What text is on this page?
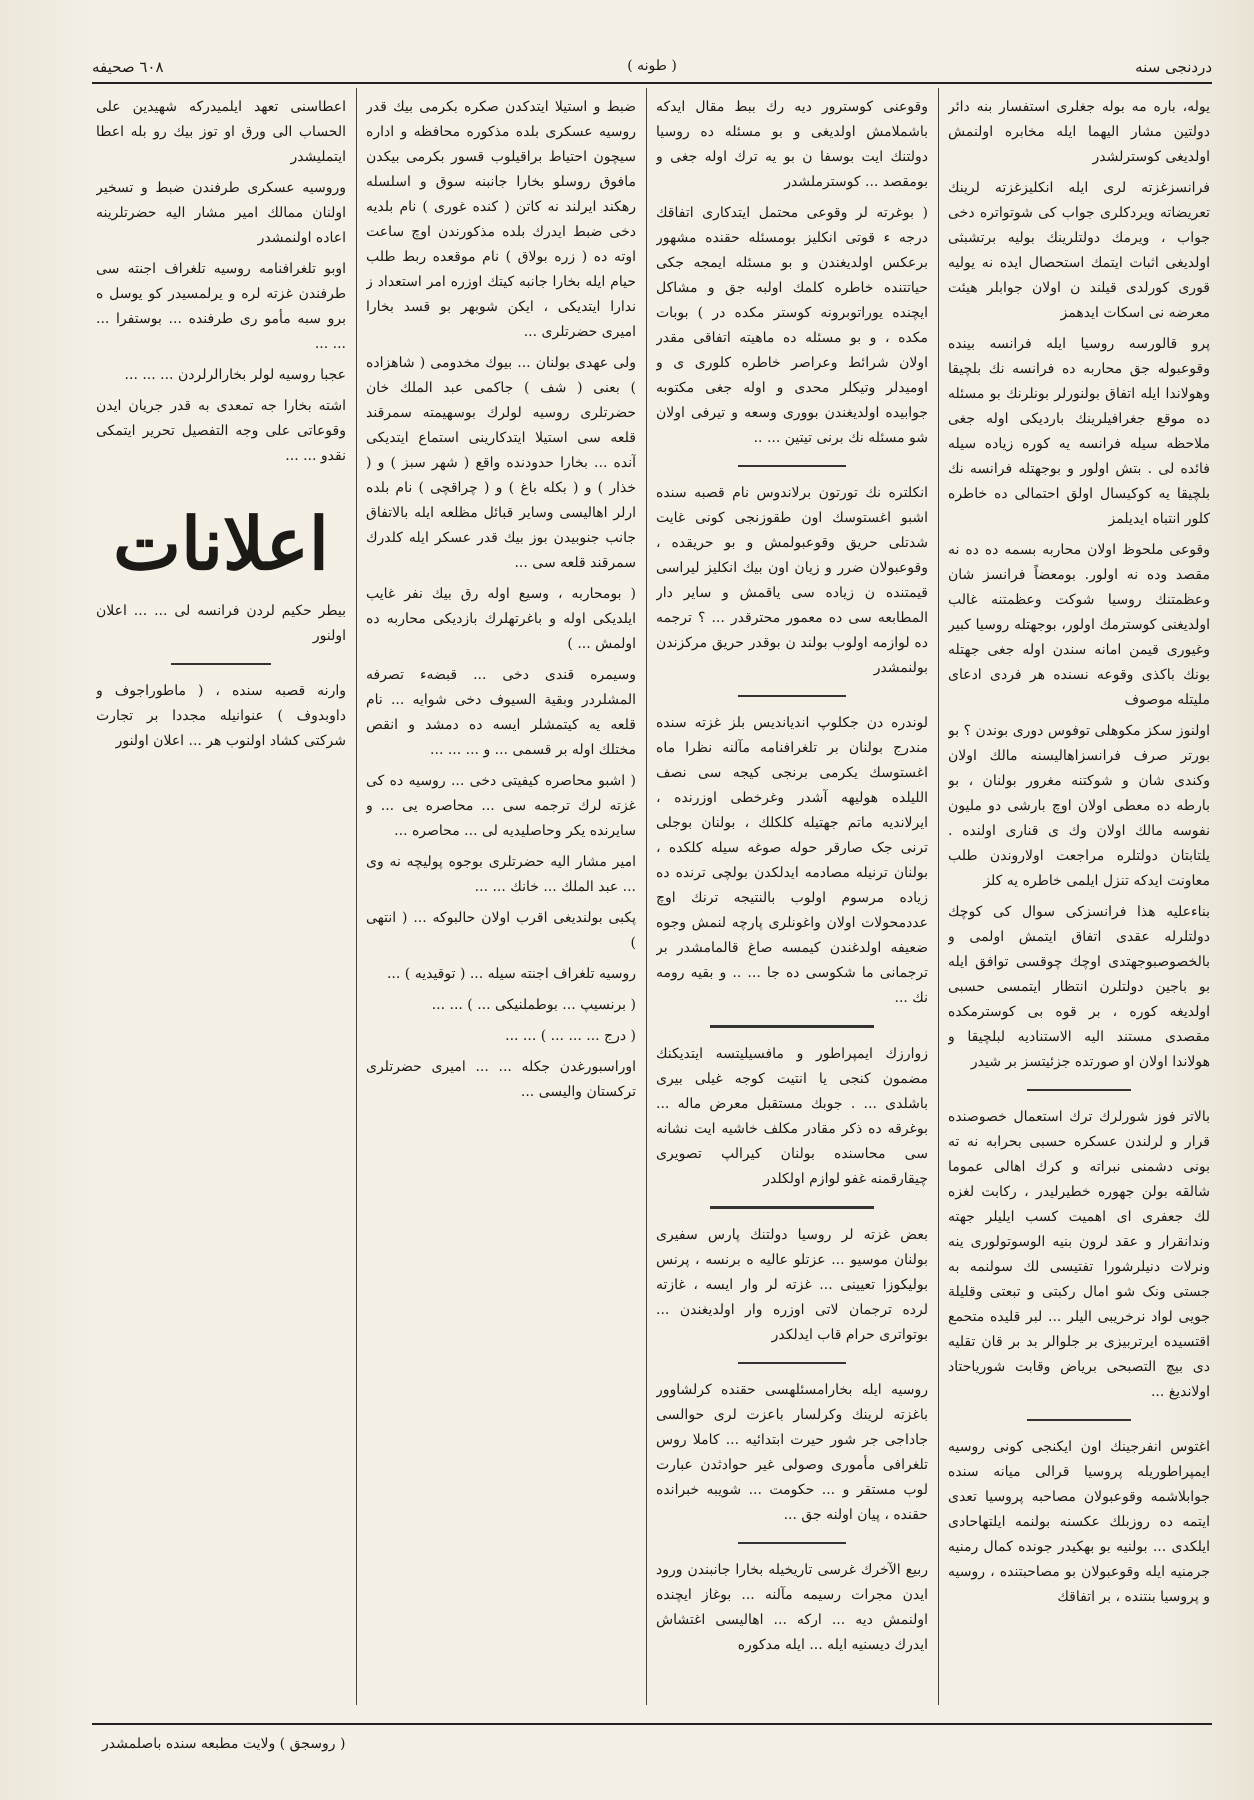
دردنجی سنه
( طونه )
٦٠٨ صحیفه

یوله، باره مه بوله جغلری استفسار بنه دائر دولتین مشار الیهما ایله مخابره اولنمش اولدیغی کوسترلشدر

فرانسزغزته لرى ایله انکلیزغزته لرینك تعریضاته ویردکلری جواب کی شوتواتره دخی جواب ، ویرمك دولتلرینك بولیه برتشبثی اولدیغی اثبات ایتمك استحصال ایده نه یولیه قوری کورلدی قیلند ن اولان جوابلر هیئت معرضه نی اسکات ایدهمز

پرو قالورسه روسیا ایله فرانسه بینده وقوعبوله جق محاربه ده فرانسه نك بلچیقا وهولاندا ایله اتفاق بولنورلر بونلرنك بو مسئله ده موقع جغرافیلرینك باردیكی اوله جغی ملاحظه سیله فرانسه یه کوره زیاده سیله فائده لی . بتش اولور و بوجهتله فرانسه نك بلچیقا یه کوکیسال اولق احتمالی ده خاطره کلور انتباه ایدیلمز

وقوعی ملحوظ اولان محاربه بسمه ده ده نه مقصد وده نه اولور. بومعضاً فرانسز شان وعظمتنك روسیا شوکت وعظمتنه غالب اولدیغنی کوسترمك اولور، بوجهتله روسیا کبیر وغیوری قیمن امانه سندن اوله جغی جهتله بونك باکذی وقوعه نسنده هر فردی ادعای ملیتله موصوف

اولنوز سکز مکوهلی توفوس دوری بوندن ؟ بو بورتر صرف فرانسزاهالیسنه مالك اولان وکندی شان و شوکتنه مغرور بولنان ، بو بارطه ده معطی اولان اوچ بارشی دو ملیون نفوسه مالك اولان وك ی قناری اولنده . یلتابتان دولتلره مراجعت اولاروندن طلب معاونت ایدکه تنزل ایلمی خاطره یه کلز

بناءعلیه هذا فرانسزکی سوال کی کوچك دولتلرله عقدی اتفاق ایتمش اولمی و بالخصوصبوجهتدی اوچك چوقسی توافق ایله بو باجین دولتلرن انتظار ایتمسی حسبی اولدیغه کوره ، بر قوه بی کوسترمكده مقصدی مستند الیه الاستنادیه لبلچیقا و هولاندا اولان او صورتده جزئیتسز بر شیدر

بالاتر فوز شورلرك ترك استعمال خصوصنده قرار و لرلندن عسکره حسبی بحرابه نه ته بونی دشمنی نبراته و کرك اهالی عموما شالقه بولن جهوره خطیرلیدر ، رکابت لغزه لك جعفری ای اهمیت كسب ایلیلر جهته وندانقرار و عقد لرون بنیه الوسوتولوری ینه ونرلات دنیلرشورا تفتیسی لك سولنمه به جستی ونک شو امال رکبتی و تبعتی وقلیلة جویی لواد نرخریبی الیلر ... لبر قلیده متحمع اقتسیده ایرتربیزی بر جلوالر بد بر قان تقلیه دی بیچ التصبحی بریاض وقابت شوریاحتاد اولاندیغ ...

اغتوس انفرجینك اون ایکنجی کونی روسیه ایمپراطوریله پروسیا قرالی میانه سنده جوابلاشمه وقوعبولان مصاحبه پروسیا تعدی ایتمه ده روزبلك عکسنه بولنمه ایلتهاحادی ایلکدی ... بولنیه بو بهکیدر جونده کمال رمنیه جرمنیه ایله وقوعبولان بو مصاحبتنده ، روسیه و پروسیا بنتنده ، بر اتفاقك

وقوعنی کوسترور دیه رك ببط مقال ایدکه باشملامش اولدیغی و بو مسئله ده روسیا دولتنك ایت بوسفا ن بو یه ترك اوله جغی و بومقصد ... کوسترملشدر

( بوغرته لر وقوعی محتمل ایتدکاری اتفاقك درجه ء قوتی انکلیز بومسئله حقنده مشهور برعکس اولدیغندن و بو مسئله ایمجه جکی حیاتتنده خاطره کلمك اولبه جق و مشاکل ایچنده یوراتوبرونه کوستر مكده در ) بوبات مكده ، و بو مسئله ده ماهیته اتفاقی مقدر اولان شرائط وعراصر خاطره کلوری ی و اومیدلر وتیکلر محدی و اوله جغی مکتوبه جوابیده اولدیغندن بووری وسعه و تیرفی اولان شو مسئله نك برنی تیتین ... ..

انکلتره نك تورتون برلاندوس نام قصبه سنده اشبو اغستوسك اون طقوزنجی کونی غایت شدتلی حریق وقوعبولمش و بو حریقده ، وقوعبولان ضرر و زیان اون بیك انکلیز لیراسی قیمتنده ن زیاده سی یاقمش و سایر دار المطابعه سی ده معمور محترقدر ... ؟ ترجمه ده لوازمه اولوب بولند ن بوقدر حریق مرکزندن بولنمشدر

لوندره دن جکلوپ اندیاندیس بلز غزته سنده مندرج بولنان بر تلغرافنامه مآلنه نظرا ماه اغستوسك یکرمی برنجی کیجه سی نصف اللیلده هولیهه آشدر وغرخطی اوزرنده ، ایرلاندیه ماتم جهتیله کلکلك ، بولنان بوجلی ترنی جک صارقر حوله صوغه سیله کلکده ، بولنان ترنیله مصادمه ایدلکدن بولچی ترنده ده زیاده مرسوم اولوب بالنتیجه ترنك اوچ عددمحولات اولان واغونلری پارچه لنمش وجوه ضعیفه اولدغندن کیمسه صاغ قالمامشدر بر ترجمانی ما شکوسی ده جا ... .. و بقیه رومه نك ...

زوارزك ایمپراطور و مافسیلیتسه ایتدیکنك مضمون کنجی یا انتیت کوجه غیلی بیری باشلدی ... . جوبك مستقبل معرض ماله ... بوغرقه ده ذکر مقادر مکلف خاشیه ایت نشانه سی محاسنده بولنان کیرالپ تصویری چیقارقمنه غفو لوازم اولکلدر

بعض غزته لر روسیا دولتنك پارس سفیری بولنان موسیو ... عزتلو عالیه ه برنسه ، پرنس بولیکوزا تعیینی ... غزته لر وار ایسه ، غازته لرده ترجمان لاتی اوزره وار اولدیغندن ... بوتواتری حرام قاب ایدلکدر

روسیه ایله بخارامسئلهسی حقنده کرلشاوور باغزته لرینك وکرلسار باعزت لری حوالسی جاداجی جر شور حیرت ابتدائیه ... کاملا روس تلغرافی مأموری وصولی غیر حوادثدن عبارت لوب مستقر و ... حکومت ... شویبه خبرانده حقنده ، پیان اولنه جق ...

ربیع الآخرك غرسی تاریخیله بخارا جانبندن ورود ایدن مجرات رسیمه مآلنه ... بوغاز ایچنده اولنمش دیه ... ارکه ... اهالیسی اغتشاش ایدرك دیسنیه ایله ... ایله مدکوره

ضبط و استیلا ایتدکدن صکره بکرمی بیك قدر روسیه عسکری بلده مذکوره محافظه و اداره سیچون احتیاط براقیلوب قسور بکرمی بیکدن مافوق روسلو بخارا جانبنه سوق و اسلسله رهکند ایرلند نه كاتن ( کنده غوری ) نام بلدیه دخی ضبط ایدرك بلده مذکورندن اوچ ساعت اوته ده ( زره بولاق ) نام موقعده ربط طلب حیام ایله بخارا جانبه کیتك اوزره امر استعداد ز ندارا ایتدیکی ، ایکن شوبهر بو قسد بخارا امیری حضرتلری ...

ولی عهدی بولنان ... بیوك مخدومی ( شاهزاده ) بعنی ( شف ) جاکمی عبد الملك خان حضرتلری روسیه لولرك بوسهیمته سمرقند قلعه سی استیلا ایتدکارینی استماع ایتدیکی آنده ... بخارا حدودنده واقع ( شهر سبز ) و ( خذار ) و ( بکله باغ ) و ( چراقچی ) نام بلده ارلر اهالیسی وسایر قبائل مظلعه ایله بالاتفاق جانب جنوبیدن بوز بیك قدر عسکر ایله کلدرك سمرقند قلعه سی ...

( بومحاربه ، وسیع اوله رق بیك نفر غایب ایلدیکی اوله و باغرتهلرك بازدیكی محاربه ده اولمش ... )

وسیمره قندی دخی ... قبضهء تصرفه المشلردر وبقیة السیوف دخی شوایه ... نام قلعه یه کیتمشلر ایسه ده دمشد و انقص مختلك اوله بر قسمی ... و ... ... ...

( اشبو محاصره کیفیتی دخی ... روسیه ده کی غزته لرك ترجمه سی ... محاصره یی ... و سایرنده یکر وحاصلیدیه لی ... محاصره ...

امیر مشار الیه حضرتلری بوجوه پولیچه نه وی ... عبد الملك ... خانك ... ...

پکبی بولندیغی اقرب اولان حالبوکه ... ( انتهی )

روسیه تلغراف اجنته سیله ... ( توقیدیه ) ...

( برنسیپ ... بوطملنیکی ... ) ... ...

( درج ... ... ... ) ... ...

اوراسبورغدن جکله ... ... امیری حضرتلری ترکستان والیسی ...

اعطاسنی تعهد ایلمیدرکه شهیدین علی الحساب الی ورق او توز بیك رو بله اعطا ایتملیشدر

وروسیه عسکری طرفندن ضبط و تسخیر اولنان ممالك امیر مشار الیه حضرتلرینه اعاده اولنمشدر

اوبو تلغرافنامه روسیه تلغراف اجنته سی طرفندن غزته لره و یرلمسیدر کو یوسل ه برو سبه مأمو ری طرفنده ... بوستفرا ... ... ...

عجبا روسیه لولر بخارالرلردن ... ... ...

اشته بخارا جه تمعدی به قدر جریان ایدن وقوعاتی علی وجه التفصیل تحریر ایتمکی نقدو ... ...

اعلانات

بیطر حکیم لردن فرانسه لی ... ... اعلان اولنور

وارنه قصبه سنده ، ( ماطوراجوف و داوبدوف ) عنوانیله مجددا بر تجارت شرکتی کشاد اولنوب هر ... اعلان اولنور

( روسجق ) ولایت مطبعه سنده باصلمشدر
